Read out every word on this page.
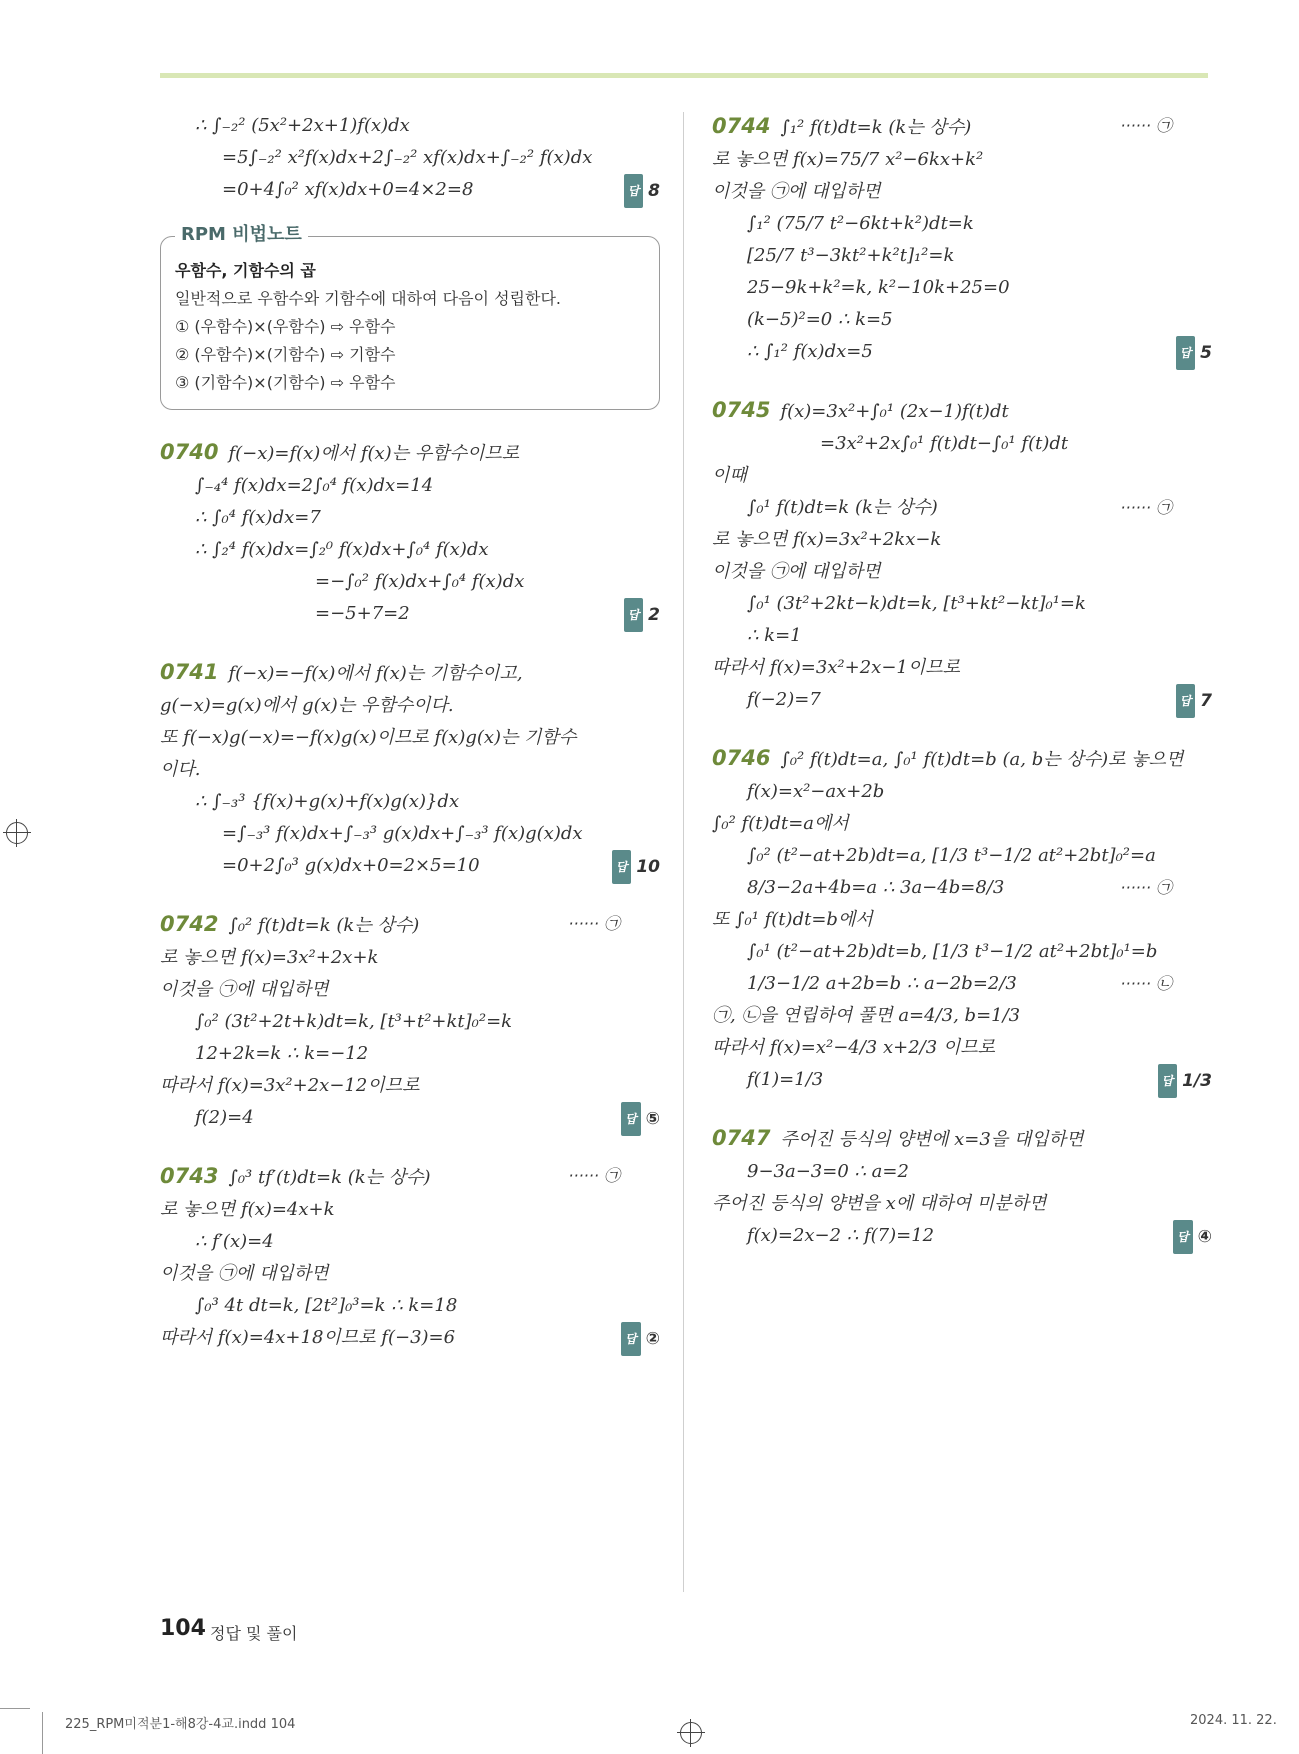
∴ ∫₋₂² (5x²+2x+1)f(x)dx
=5∫₋₂² x²f(x)dx+2∫₋₂² xf(x)dx+∫₋₂² f(x)dx
=0+4∫₀² xf(x)dx+0=4×2=8	답 8
RPM 비법노트
우함수, 기함수의 곱
일반적으로 우함수와 기함수에 대하여 다음이 성립한다.
① (우함수)×(우함수) ⇨ 우함수
② (우함수)×(기함수) ⇨ 기함수
③ (기함수)×(기함수) ⇨ 우함수
0740 f(−x)=f(x)에서 f(x)는 우함수이므로
∫₋₄⁴ f(x)dx=2∫₀⁴ f(x)dx=14
∴ ∫₀⁴ f(x)dx=7
∴ ∫₂⁴ f(x)dx=∫₂⁰ f(x)dx+∫₀⁴ f(x)dx
=−∫₀² f(x)dx+∫₀⁴ f(x)dx
=−5+7=2	답 2
0741 f(−x)=−f(x)에서 f(x)는 기함수이고,
g(−x)=g(x)에서 g(x)는 우함수이다.
또 f(−x)g(−x)=−f(x)g(x)이므로 f(x)g(x)는 기함수
이다.
∴ ∫₋₃³ {f(x)+g(x)+f(x)g(x)}dx
=∫₋₃³ f(x)dx+∫₋₃³ g(x)dx+∫₋₃³ f(x)g(x)dx
=0+2∫₀³ g(x)dx+0=2×5=10	답 10
0742 ∫₀² f(t)dt=k (k는 상수)	······ ㉠
로 놓으면 f(x)=3x²+2x+k
이것을 ㉠에 대입하면
∫₀² (3t²+2t+k)dt=k, [t³+t²+kt]₀²=k
12+2k=k ∴ k=−12
따라서 f(x)=3x²+2x−12이므로
f(2)=4	답 ⑤
0743 ∫₀³ tf′(t)dt=k (k는 상수)	······ ㉠
로 놓으면 f(x)=4x+k
∴ f′(x)=4
이것을 ㉠에 대입하면
∫₀³ 4t dt=k, [2t²]₀³=k ∴ k=18
따라서 f(x)=4x+18이므로 f(−3)=6	답 ②
0744 ∫₁² f(t)dt=k (k는 상수)	······ ㉠
로 놓으면 f(x)=75/7 x²−6kx+k²
이것을 ㉠에 대입하면
∫₁² (75/7 t²−6kt+k²)dt=k
[25/7 t³−3kt²+k²t]₁²=k
25−9k+k²=k, k²−10k+25=0
(k−5)²=0 ∴ k=5
∴ ∫₁² f(x)dx=5	답 5
0745 f(x)=3x²+∫₀¹ (2x−1)f(t)dt
=3x²+2x∫₀¹ f(t)dt−∫₀¹ f(t)dt
이때
∫₀¹ f(t)dt=k (k는 상수)	······ ㉠
로 놓으면 f(x)=3x²+2kx−k
이것을 ㉠에 대입하면
∫₀¹ (3t²+2kt−k)dt=k, [t³+kt²−kt]₀¹=k
∴ k=1
따라서 f(x)=3x²+2x−1이므로
f(−2)=7	답 7
0746 ∫₀² f(t)dt=a, ∫₀¹ f(t)dt=b (a, b는 상수)로 놓으면
f(x)=x²−ax+2b
∫₀² f(t)dt=a에서
∫₀² (t²−at+2b)dt=a, [1/3 t³−1/2 at²+2bt]₀²=a
8/3−2a+4b=a ∴ 3a−4b=8/3	······ ㉠
또 ∫₀¹ f(t)dt=b에서
∫₀¹ (t²−at+2b)dt=b, [1/3 t³−1/2 at²+2bt]₀¹=b
1/3−1/2 a+2b=b ∴ a−2b=2/3	······ ㉡
㉠, ㉡을 연립하여 풀면 a=4/3, b=1/3
따라서 f(x)=x²−4/3 x+2/3 이므로
f(1)=1/3	답 1/3
0747 주어진 등식의 양변에 x=3을 대입하면
9−3a−3=0 ∴ a=2
주어진 등식의 양변을 x에 대하여 미분하면
f(x)=2x−2 ∴ f(7)=12	답 ④
104 정답 및 풀이
225_RPM미적분1-해8강-4교.indd 104	2024. 11. 22.
